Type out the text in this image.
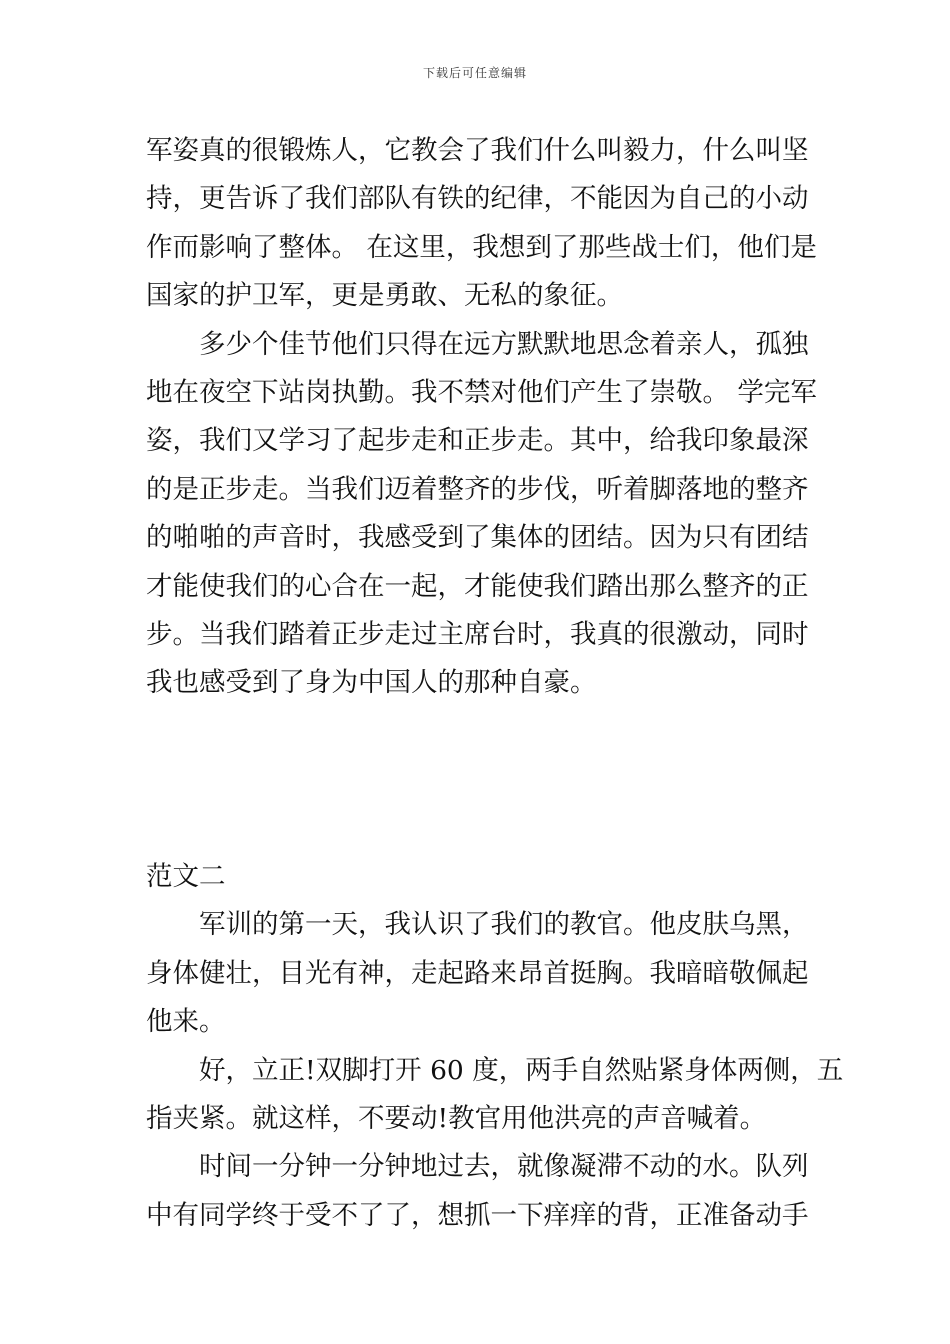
下载后可任意编辑

军姿真的很锻炼人，它教会了我们什么叫毅力，什么叫坚
持，更告诉了我们部队有铁的纪律，不能因为自己的小动
作而影响了整体。 在这里，我想到了那些战士们，他们是
国家的护卫军，更是勇敢、无私的象征。

多少个佳节他们只得在远方默默地思念着亲人，孤独
地在夜空下站岗执勤。我不禁对他们产生了崇敬。 学完军
姿，我们又学习了起步走和正步走。其中，给我印象最深
的是正步走。当我们迈着整齐的步伐，听着脚落地的整齐
的啪啪的声音时，我感受到了集体的团结。因为只有团结
才能使我们的心合在一起，才能使我们踏出那么整齐的正
步。当我们踏着正步走过主席台时，我真的很激动，同时
我也感受到了身为中国人的那种自豪。

范文二

军训的第一天，我认识了我们的教官。他皮肤乌黑，
身体健壮，目光有神，走起路来昂首挺胸。我暗暗敬佩起
他来。

好，立正!双脚打开 60 度，两手自然贴紧身体两侧，五
指夹紧。就这样，不要动!教官用他洪亮的声音喊着。

时间一分钟一分钟地过去，就像凝滞不动的水。队列
中有同学终于受不了了，想抓一下痒痒的背，正准备动手
